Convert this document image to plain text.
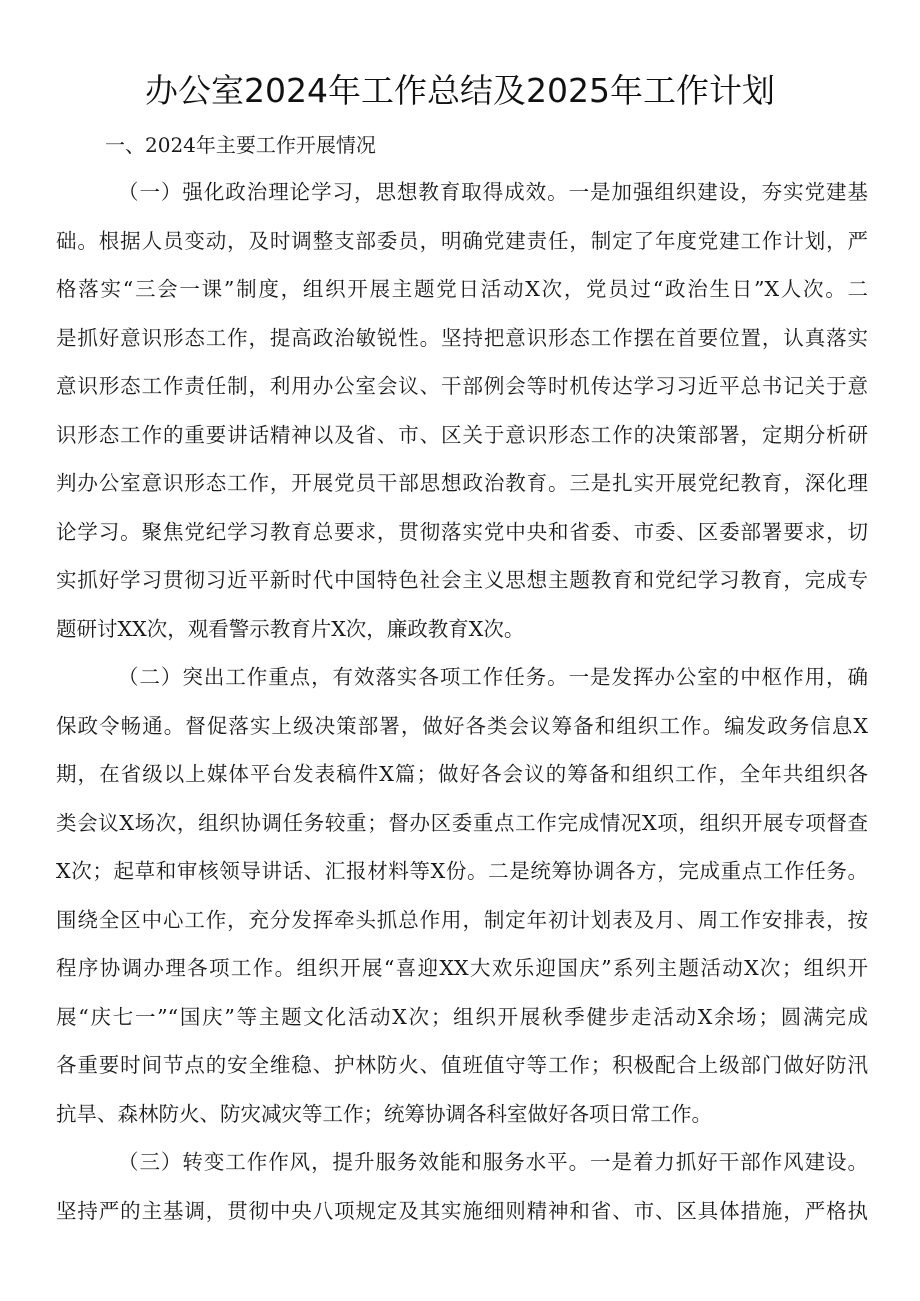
办公室2024年工作总结及2025年工作计划
一、2024年主要工作开展情况
（一）强化政治理论学习，思想教育取得成效。一是加强组织建设，夯实党建基
础。根据人员变动，及时调整支部委员，明确党建责任，制定了年度党建工作计划，严
格落实“三会一课”制度，组织开展主题党日活动X次，党员过“政治生日”X人次。二
是抓好意识形态工作，提高政治敏锐性。坚持把意识形态工作摆在首要位置，认真落实
意识形态工作责任制，利用办公室会议、干部例会等时机传达学习习近平总书记关于意
识形态工作的重要讲话精神以及省、市、区关于意识形态工作的决策部署，定期分析研
判办公室意识形态工作，开展党员干部思想政治教育。三是扎实开展党纪教育，深化理
论学习。聚焦党纪学习教育总要求，贯彻落实党中央和省委、市委、区委部署要求，切
实抓好学习贯彻习近平新时代中国特色社会主义思想主题教育和党纪学习教育，完成专
题研讨XX次，观看警示教育片X次，廉政教育X次。
（二）突出工作重点，有效落实各项工作任务。一是发挥办公室的中枢作用，确
保政令畅通。督促落实上级决策部署，做好各类会议筹备和组织工作。编发政务信息X
期，在省级以上媒体平台发表稿件X篇；做好各会议的筹备和组织工作，全年共组织各
类会议X场次，组织协调任务较重；督办区委重点工作完成情况X项，组织开展专项督查
X次；起草和审核领导讲话、汇报材料等X份。二是统筹协调各方，完成重点工作任务。
围绕全区中心工作，充分发挥牵头抓总作用，制定年初计划表及月、周工作安排表，按
程序协调办理各项工作。组织开展“喜迎XX大欢乐迎国庆”系列主题活动X次；组织开
展“庆七一”“国庆”等主题文化活动X次；组织开展秋季健步走活动X余场；圆满完成
各重要时间节点的安全维稳、护林防火、值班值守等工作；积极配合上级部门做好防汛
抗旱、森林防火、防灾减灾等工作；统筹协调各科室做好各项日常工作。
（三）转变工作作风，提升服务效能和服务水平。一是着力抓好干部作风建设。
坚持严的主基调，贯彻中央八项规定及其实施细则精神和省、市、区具体措施，严格执
